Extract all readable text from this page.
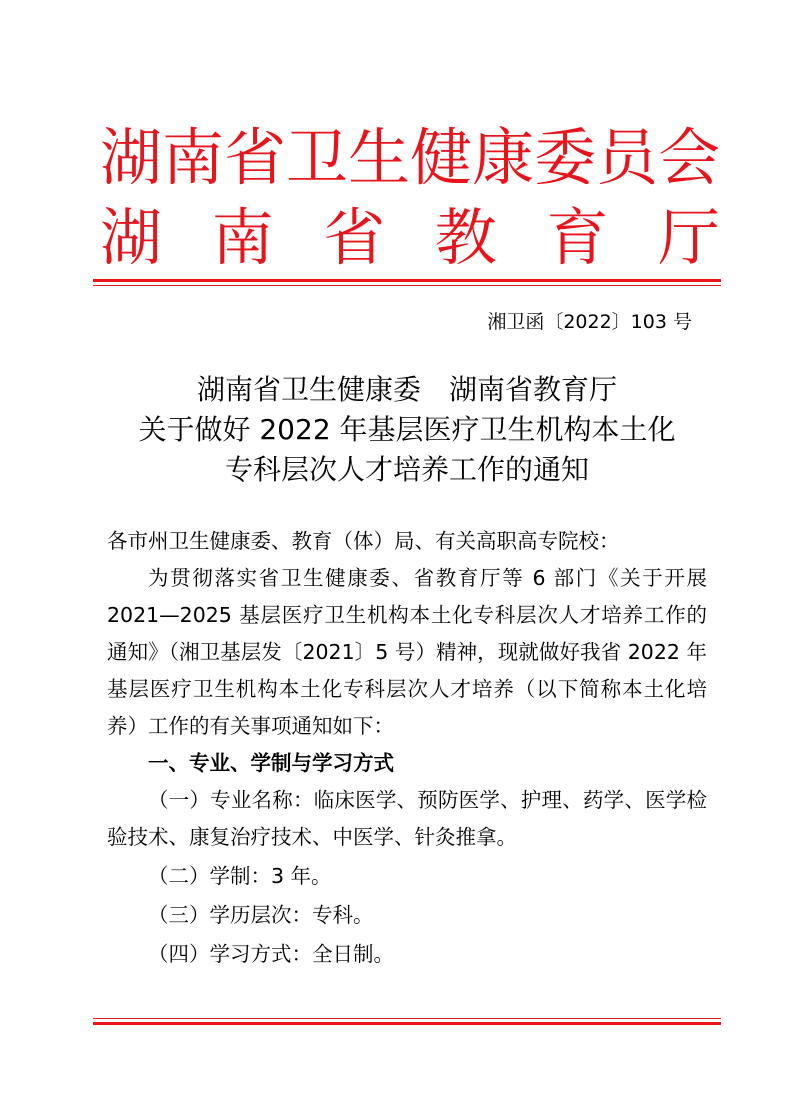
湖 南 省 卫 生 健 康 委 员 会
湖 南 省 教 育 厅
湘卫函〔2022〕103 号
湖南省卫生健康委　湖南省教育厅
关于做好 2022 年基层医疗卫生机构本土化
专科层次人才培养工作的通知

各市州卫生健康委、教育（体）局、有关高职高专院校：

为贯彻落实省卫生健康委、省教育厅等 6 部门《关于开展 2021—2025 基层医疗卫生机构本土化专科层次人才培养工作的通知》（湘卫基层发〔2021〕5 号）精神，现就做好我省 2022 年基层医疗卫生机构本土化专科层次人才培养（以下简称本土化培养）工作的有关事项通知如下：

一、专业、学制与学习方式

（一）专业名称：临床医学、预防医学、护理、药学、医学检验技术、康复治疗技术、中医学、针灸推拿。

（二）学制：3 年。

（三）学历层次：专科。

（四）学习方式：全日制。
